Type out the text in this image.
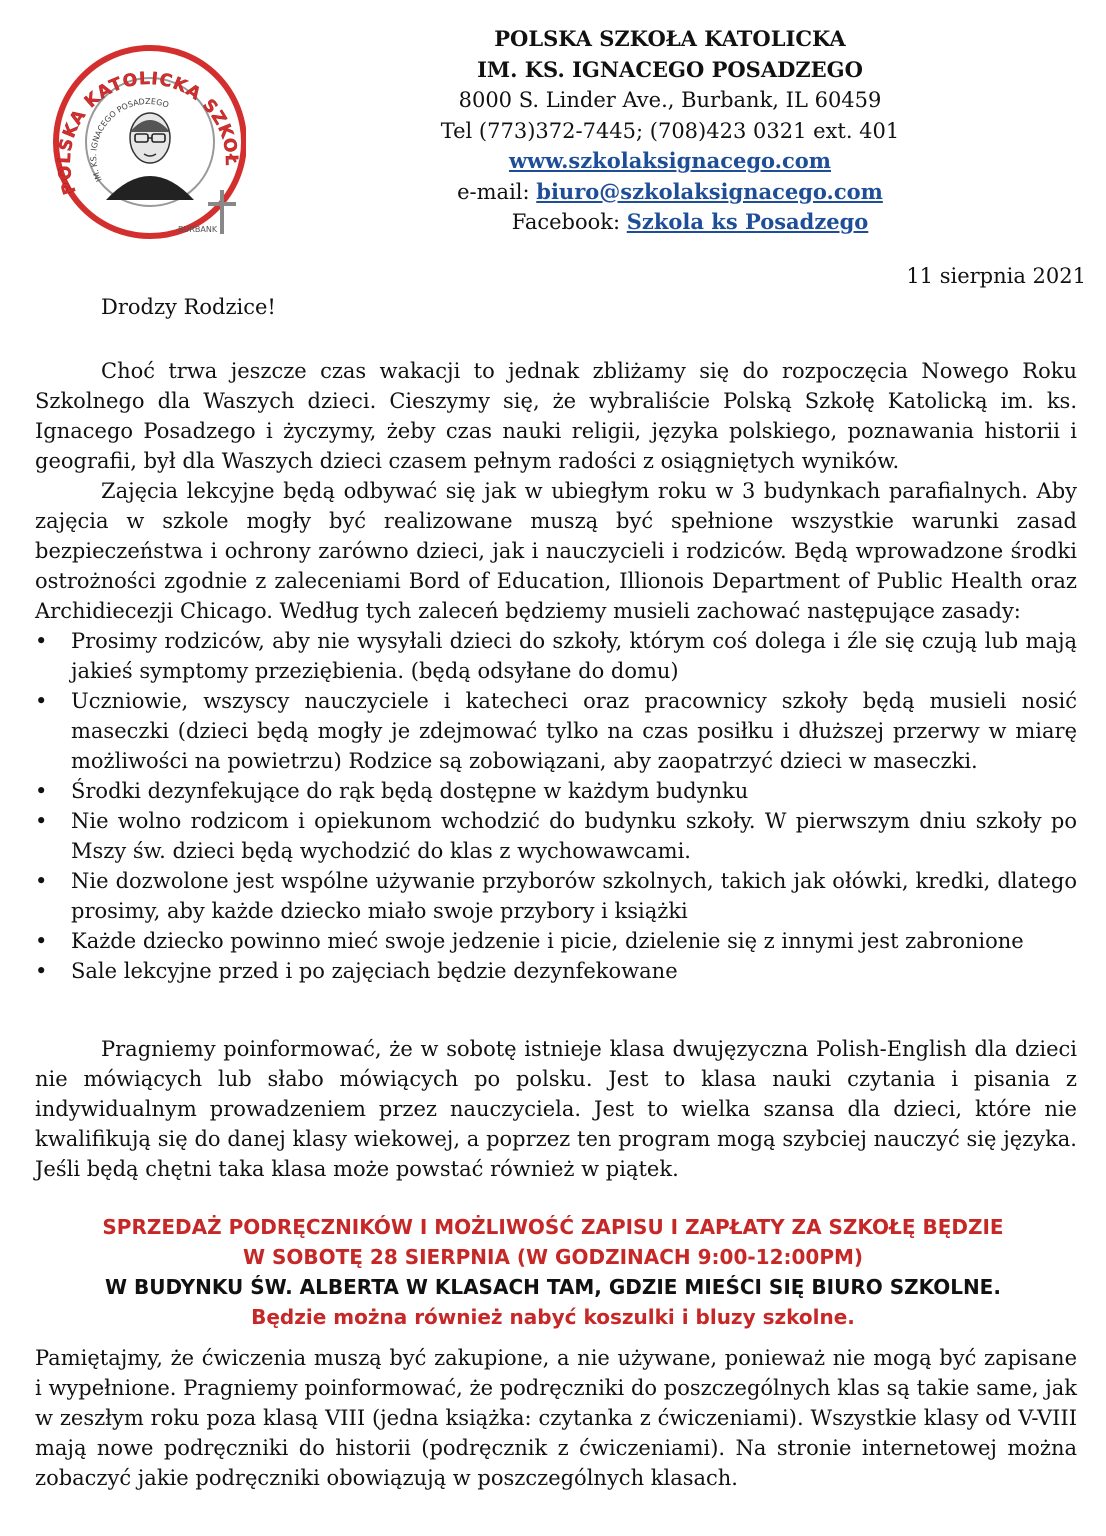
POLSKA KATOLICKA SZKOŁ
IM. KS. IGNACEGO POSADZEGO
BURBANK
POLSKA SZKOŁA KATOLICKA
IM. KS. IGNACEGO POSADZEGO
8000 S. Linder Ave., Burbank, IL 60459
Tel (773)372-7445; (708)423 0321 ext. 401
www.szkolaksignacego.com
e-mail: biuro@szkolaksignacego.com
Facebook: Szkola ks Posadzego
11 sierpnia 2021
Drodzy Rodzice!

Choć trwa jeszcze czas wakacji to jednak zbliżamy się do rozpoczęcia Nowego Roku Szkolnego dla Waszych dzieci. Cieszymy się, że wybraliście Polską Szkołę Katolicką im. ks. Ignacego Posadzego i życzymy, żeby czas nauki religii, języka polskiego, poznawania historii i geografii, był dla Waszych dzieci czasem pełnym radości z osiągniętych wyników.

Zajęcia lekcyjne będą odbywać się jak w ubiegłym roku w 3 budynkach parafialnych. Aby zajęcia w szkole mogły być realizowane muszą być spełnione wszystkie warunki zasad bezpieczeństwa i ochrony zarówno dzieci, jak i nauczycieli i rodziców. Będą wprowadzone środki ostrożności zgodnie z zaleceniami Bord of Education, Illionois Department of Public Health oraz Archidiecezji Chicago. Według tych zaleceń będziemy musieli zachować następujące zasady:

• Prosimy rodziców, aby nie wysyłali dzieci do szkoły, którym coś dolega i źle się czują lub mają jakieś symptomy przeziębienia. (będą odsyłane do domu)
• Uczniowie, wszyscy nauczyciele i katecheci oraz pracownicy szkoły będą musieli nosić maseczki (dzieci będą mogły je zdejmować tylko na czas posiłku i dłuższej przerwy w miarę możliwości na powietrzu) Rodzice są zobowiązani, aby zaopatrzyć dzieci w maseczki.
• Środki dezynfekujące do rąk będą dostępne w każdym budynku
• Nie wolno rodzicom i opiekunom wchodzić do budynku szkoły. W pierwszym dniu szkoły po Mszy św. dzieci będą wychodzić do klas z wychowawcami.
• Nie dozwolone jest wspólne używanie przyborów szkolnych, takich jak ołówki, kredki, dlatego prosimy, aby każde dziecko miało swoje przybory i książki
• Każde dziecko powinno mieć swoje jedzenie i picie, dzielenie się z innymi jest zabronione
• Sale lekcyjne przed i po zajęciach będzie dezynfekowane

Pragniemy poinformować, że w sobotę istnieje klasa dwujęzyczna Polish-English dla dzieci nie mówiących lub słabo mówiących po polsku. Jest to klasa nauki czytania i pisania z indywidualnym prowadzeniem przez nauczyciela. Jest to wielka szansa dla dzieci, które nie kwalifikują się do danej klasy wiekowej, a poprzez ten program mogą szybciej nauczyć się języka. Jeśli będą chętni taka klasa może powstać również w piątek.

SPRZEDAŻ PODRĘCZNIKÓW I MOŻLIWOŚĆ ZAPISU I ZAPŁATY ZA SZKOŁĘ BĘDZIE
W SOBOTĘ 28 SIERPNIA (W GODZINACH 9:00-12:00PM)
W BUDYNKU ŚW. ALBERTA W KLASACH TAM, GDZIE MIEŚCI SIĘ BIURO SZKOLNE.
Będzie można również nabyć koszulki i bluzy szkolne.

Pamiętajmy, że ćwiczenia muszą być zakupione, a nie używane, ponieważ nie mogą być zapisane i wypełnione. Pragniemy poinformować, że podręczniki do poszczególnych klas są takie same, jak w zeszłym roku poza klasą VIII (jedna książka: czytanka z ćwiczeniami). Wszystkie klasy od V-VIII mają nowe podręczniki do historii (podręcznik z ćwiczeniami). Na stronie internetowej można zobaczyć jakie podręczniki obowiązują w poszczególnych klasach.
